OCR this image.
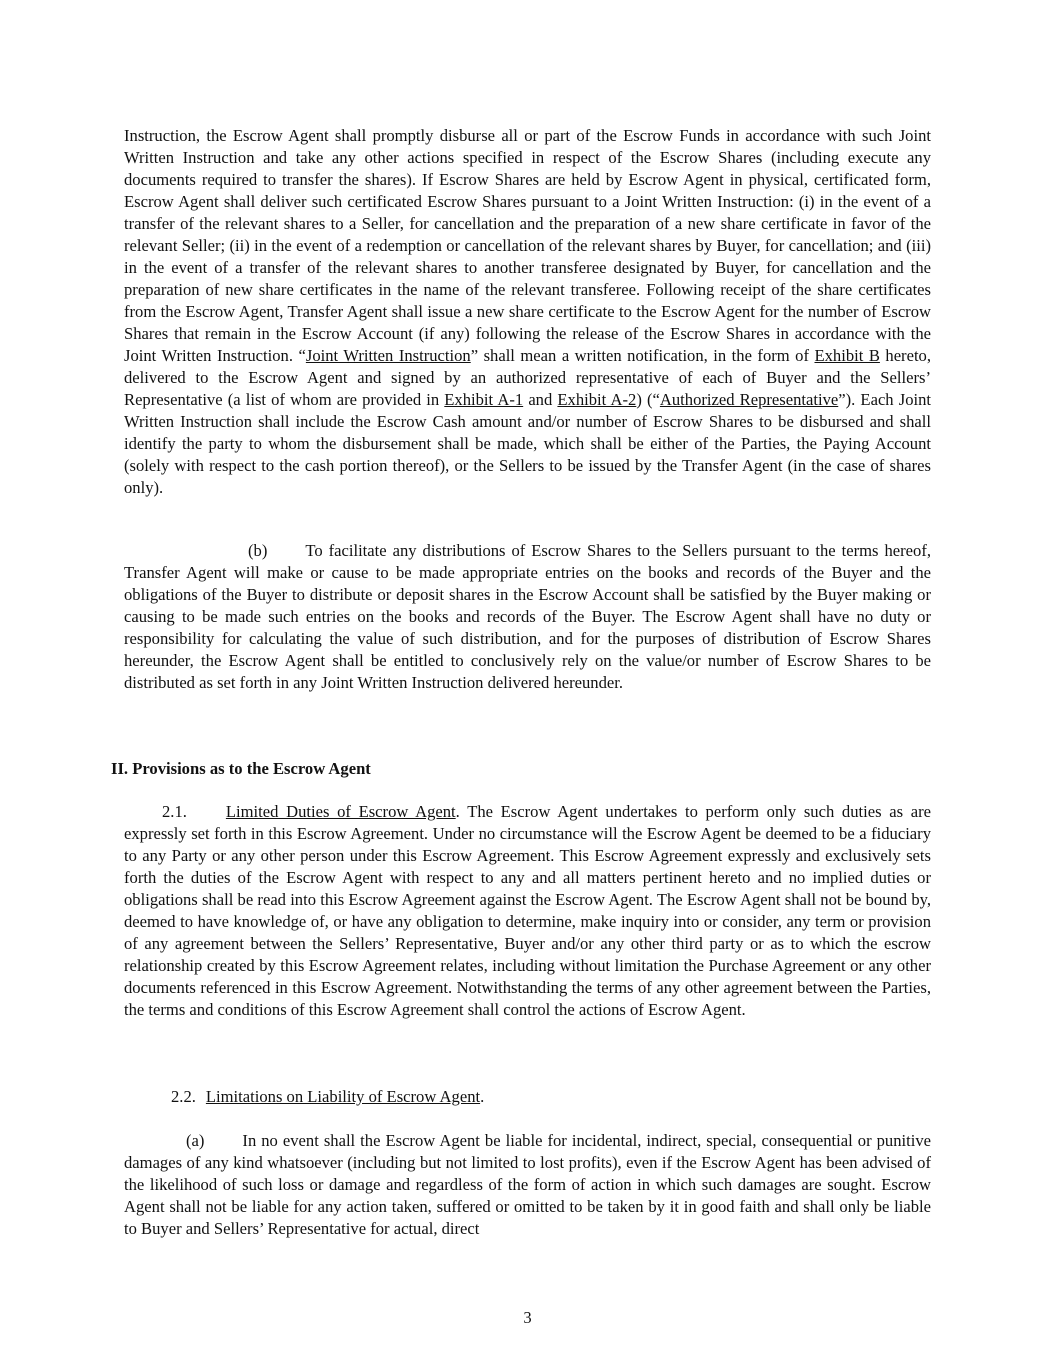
Instruction, the Escrow Agent shall promptly disburse all or part of the Escrow Funds in accordance with such Joint Written Instruction and take any other actions specified in respect of the Escrow Shares (including execute any documents required to transfer the shares). If Escrow Shares are held by Escrow Agent in physical, certificated form, Escrow Agent shall deliver such certificated Escrow Shares pursuant to a Joint Written Instruction: (i) in the event of a transfer of the relevant shares to a Seller, for cancellation and the preparation of a new share certificate in favor of the relevant Seller; (ii) in the event of a redemption or cancellation of the relevant shares by Buyer, for cancellation; and (iii) in the event of a transfer of the relevant shares to another transferee designated by Buyer, for cancellation and the preparation of new share certificates in the name of the relevant transferee. Following receipt of the share certificates from the Escrow Agent, Transfer Agent shall issue a new share certificate to the Escrow Agent for the number of Escrow Shares that remain in the Escrow Account (if any) following the release of the Escrow Shares in accordance with the Joint Written Instruction. “Joint Written Instruction” shall mean a written notification, in the form of Exhibit B hereto, delivered to the Escrow Agent and signed by an authorized representative of each of Buyer and the Sellers’ Representative (a list of whom are provided in Exhibit A-1 and Exhibit A-2) (“Authorized Representative”). Each Joint Written Instruction shall include the Escrow Cash amount and/or number of Escrow Shares to be disbursed and shall identify the party to whom the disbursement shall be made, which shall be either of the Parties, the Paying Account (solely with respect to the cash portion thereof), or the Sellers to be issued by the Transfer Agent (in the case of shares only).

(b) To facilitate any distributions of Escrow Shares to the Sellers pursuant to the terms hereof, Transfer Agent will make or cause to be made appropriate entries on the books and records of the Buyer and the obligations of the Buyer to distribute or deposit shares in the Escrow Account shall be satisfied by the Buyer making or causing to be made such entries on the books and records of the Buyer. The Escrow Agent shall have no duty or responsibility for calculating the value of such distribution, and for the purposes of distribution of Escrow Shares hereunder, the Escrow Agent shall be entitled to conclusively rely on the value/or number of Escrow Shares to be distributed as set forth in any Joint Written Instruction delivered hereunder.

II. Provisions as to the Escrow Agent

2.1. Limited Duties of Escrow Agent. The Escrow Agent undertakes to perform only such duties as are expressly set forth in this Escrow Agreement. Under no circumstance will the Escrow Agent be deemed to be a fiduciary to any Party or any other person under this Escrow Agreement. This Escrow Agreement expressly and exclusively sets forth the duties of the Escrow Agent with respect to any and all matters pertinent hereto and no implied duties or obligations shall be read into this Escrow Agreement against the Escrow Agent. The Escrow Agent shall not be bound by, deemed to have knowledge of, or have any obligation to determine, make inquiry into or consider, any term or provision of any agreement between the Sellers’ Representative, Buyer and/or any other third party or as to which the escrow relationship created by this Escrow Agreement relates, including without limitation the Purchase Agreement or any other documents referenced in this Escrow Agreement. Notwithstanding the terms of any other agreement between the Parties, the terms and conditions of this Escrow Agreement shall control the actions of Escrow Agent.

2.2. Limitations on Liability of Escrow Agent.

(a) In no event shall the Escrow Agent be liable for incidental, indirect, special, consequential or punitive damages of any kind whatsoever (including but not limited to lost profits), even if the Escrow Agent has been advised of the likelihood of such loss or damage and regardless of the form of action in which such damages are sought. Escrow Agent shall not be liable for any action taken, suffered or omitted to be taken by it in good faith and shall only be liable to Buyer and Sellers’ Representative for actual, direct

3
